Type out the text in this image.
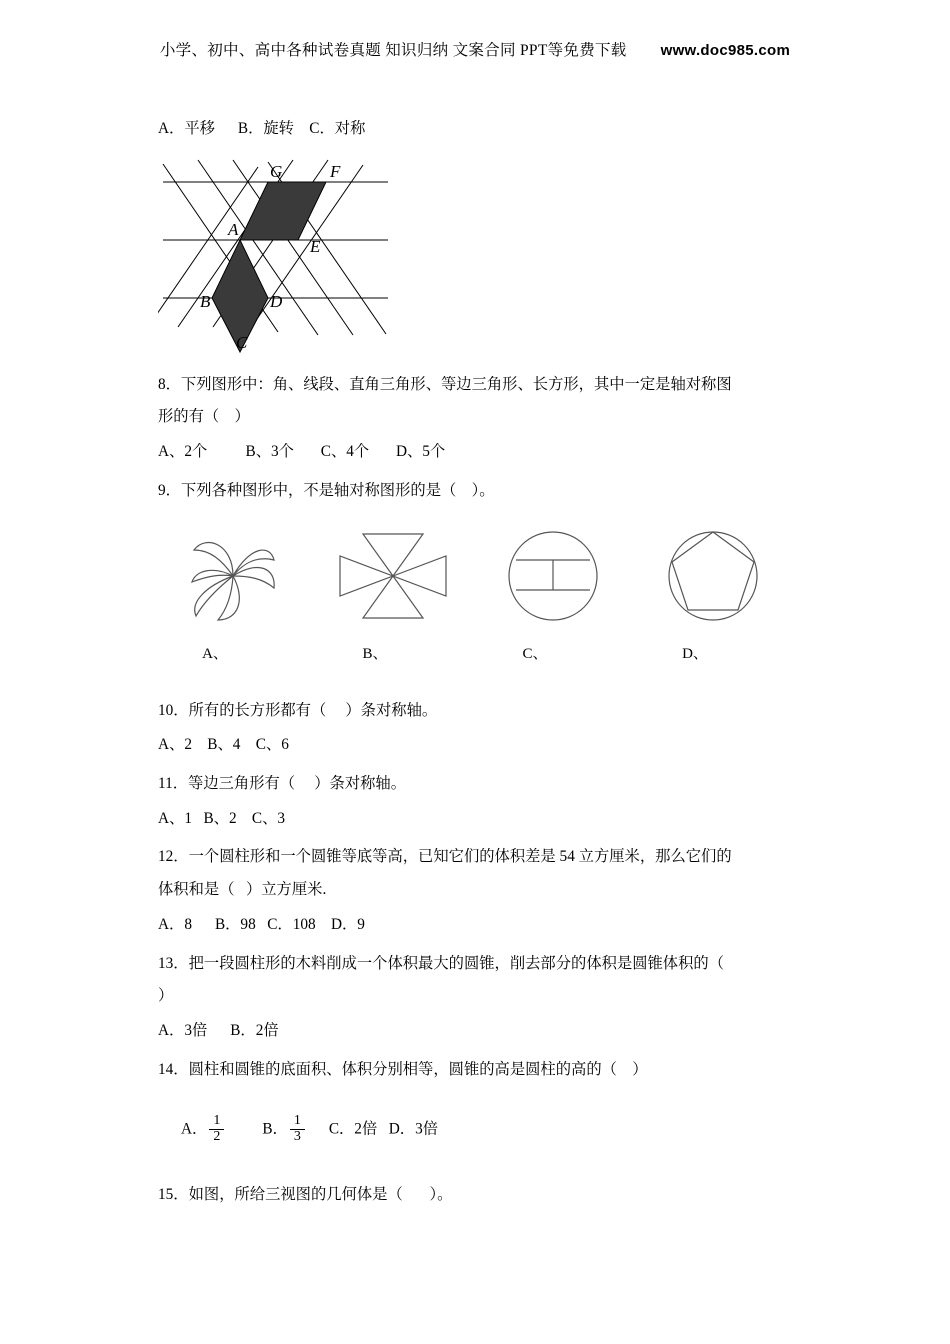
小学、初中、高中各种试卷真题 知识归纳 文案合同 PPT等免费下载 www.doc985.com
A．平移      B．旋转    C．对称
G	F
A
E
B	D
C
8．下列图形中：角、线段、直角三角形、等边三角形、长方形，其中一定是轴对称图
形的有（    ）
A、2个          B、3个       C、4个       D、5个
9．下列各种图形中，不是轴对称图形的是（    ）。
A、	B、	C、	D、
10．所有的长方形都有（     ）条对称轴。
A、2    B、4    C、6
11．等边三角形有（     ）条对称轴。
A、1   B、2    C、3
12．一个圆柱形和一个圆锥等底等高，已知它们的体积差是 54 立方厘米，那么它们的
体积和是（   ）立方厘米.
A．8      B．98   C．108    D．9
13．把一段圆柱形的木料削成一个体积最大的圆锥，削去部分的体积是圆锥体积的（
）
A．3倍      B．2倍
14．圆柱和圆锥的底面积、体积分别相等，圆锥的高是圆柱的高的（    ）

A． $\frac{1}{2}$ B． $\frac{1}{3}$ C．2倍   D．3倍

15．如图，所给三视图的几何体是（       ）。
